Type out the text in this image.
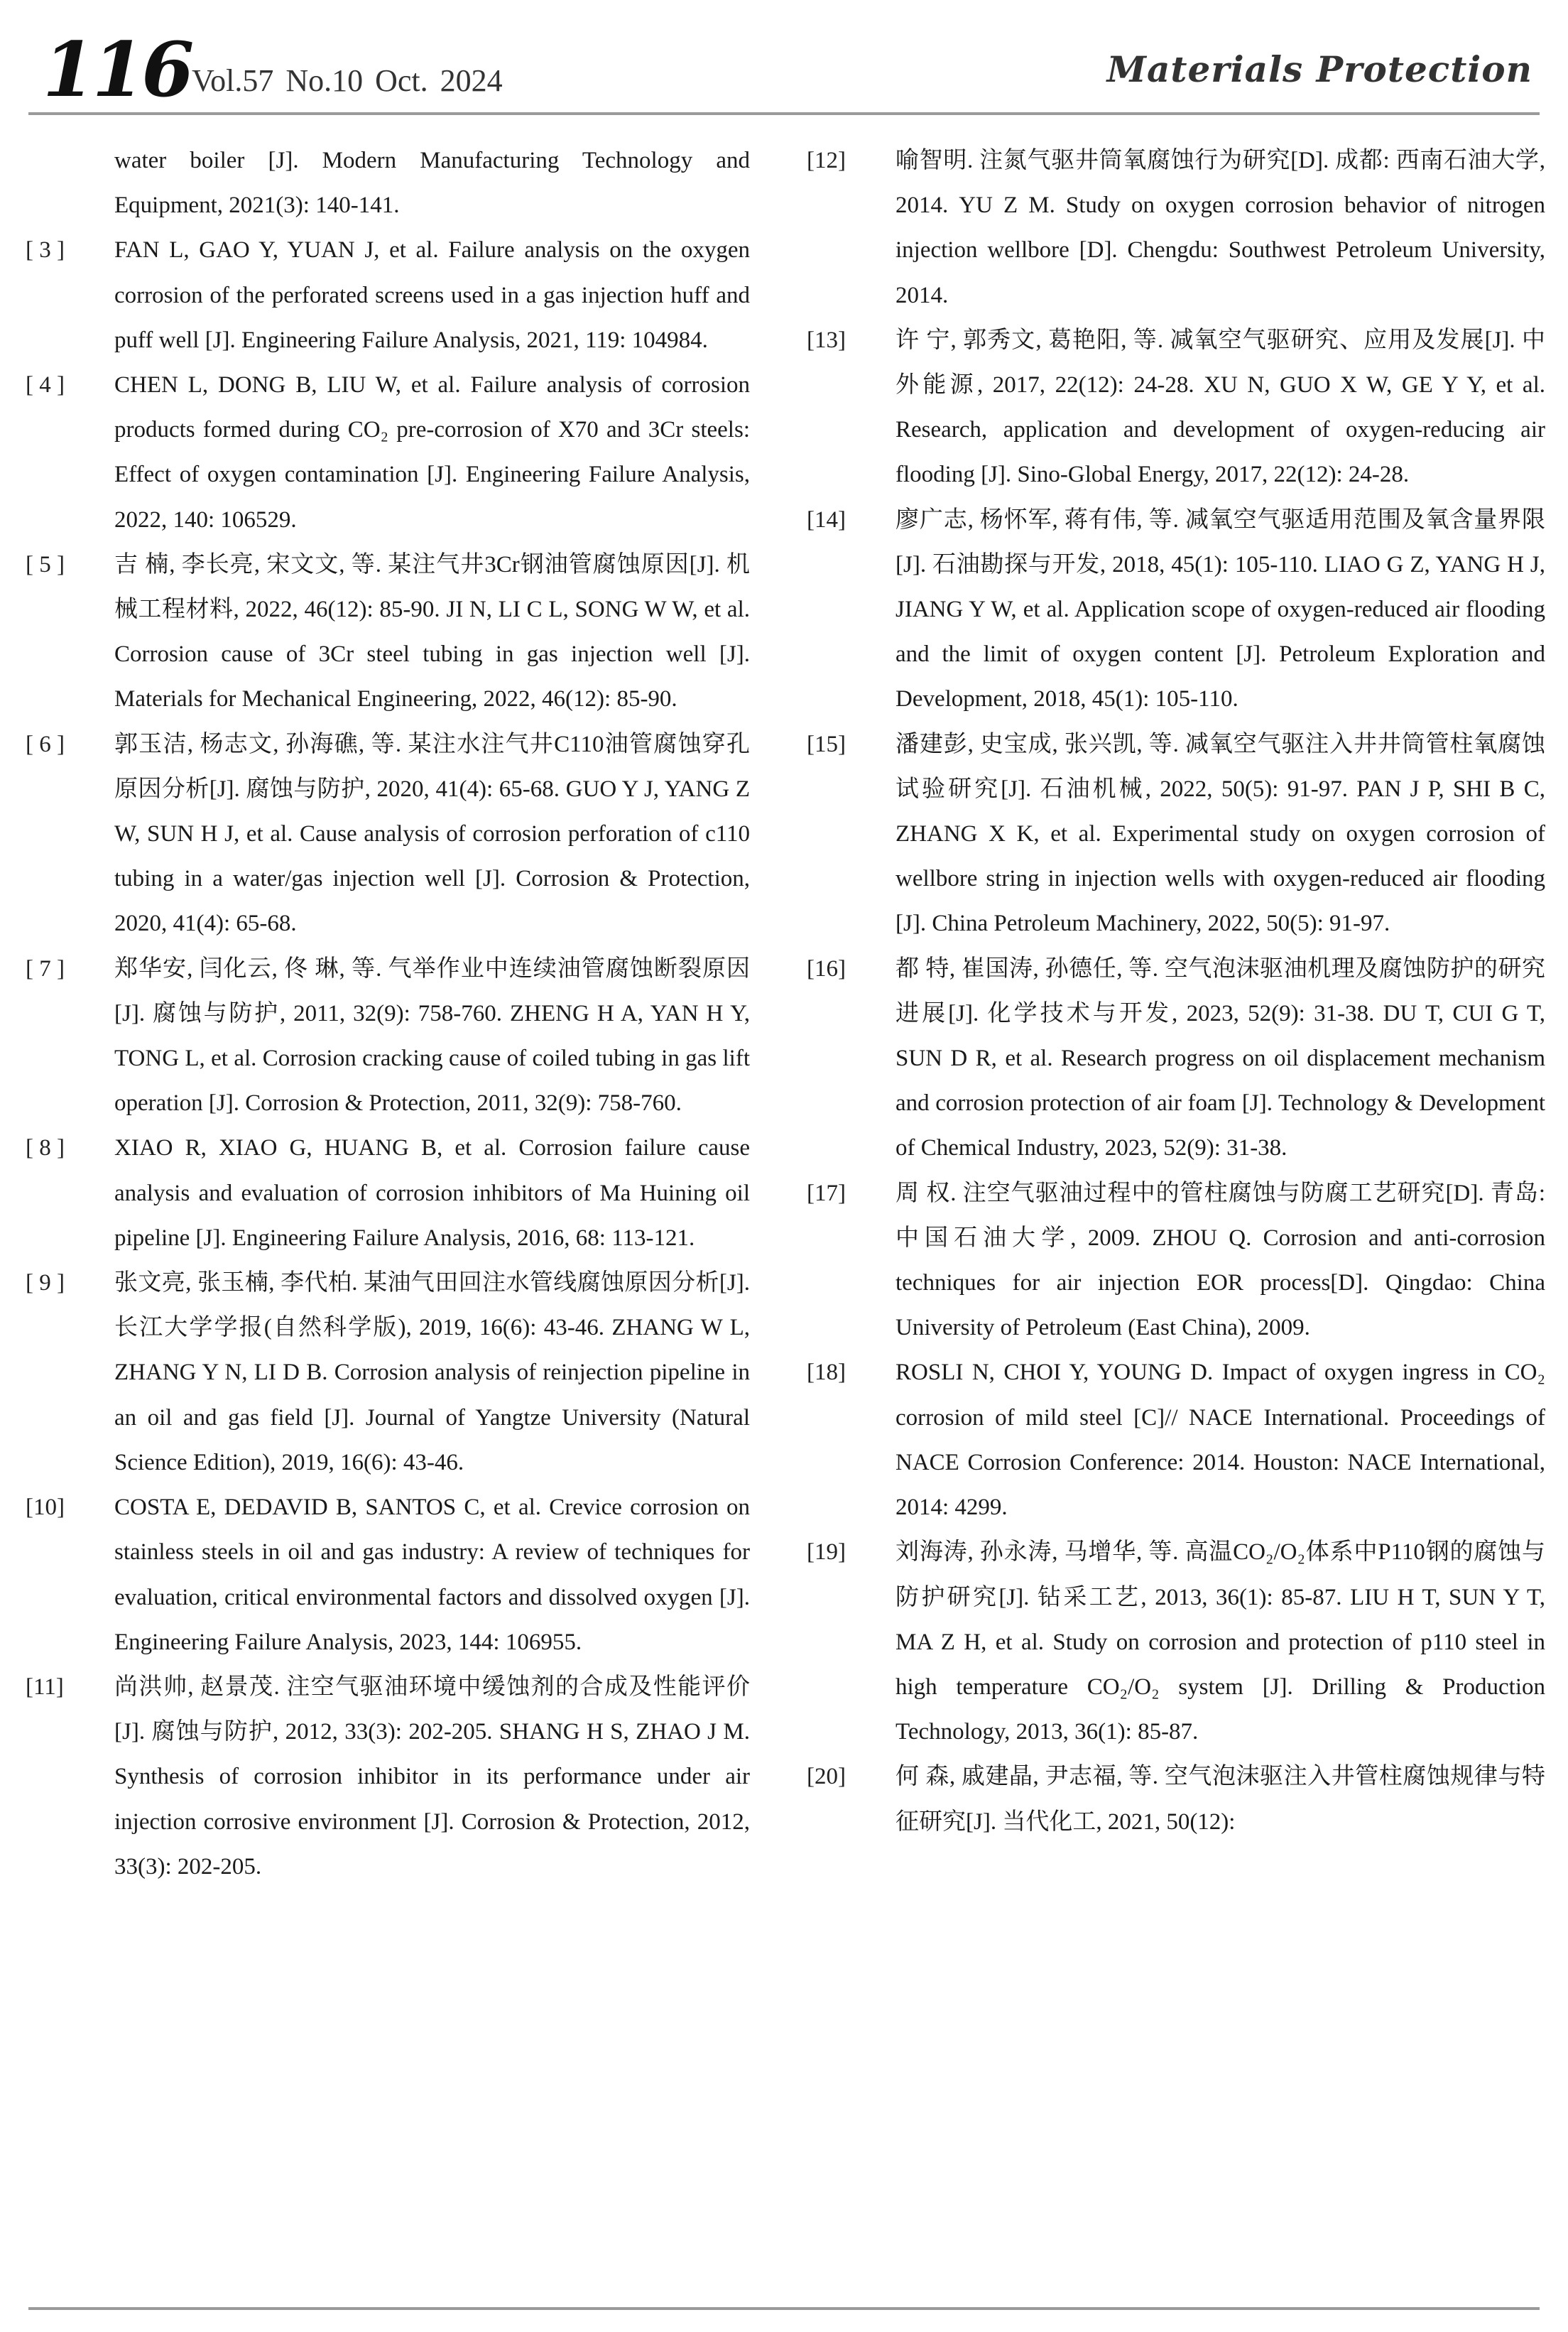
116 Vol.57 No.10 Oct. 2024	Materials Protection
water boiler [J]. Modern Manufacturing Technology and Equipment, 2021(3): 140-141.
[ 3 ]	FAN L, GAO Y, YUAN J, et al. Failure analysis on the oxygen corrosion of the perforated screens used in a gas injection huff and puff well [J]. Engineering Failure Analysis, 2021, 119: 104984.
[ 4 ]	CHEN L, DONG B, LIU W, et al. Failure analysis of corrosion products formed during CO₂ pre-corrosion of X70 and 3Cr steels: Effect of oxygen contamination [J]. Engineering Failure Analysis, 2022, 140: 106529.
[ 5 ]	吉 楠, 李长亮, 宋文文, 等. 某注气井3Cr钢油管腐蚀原因[J]. 机械工程材料, 2022, 46(12): 85-90. JI N, LI C L, SONG W W, et al. Corrosion cause of 3Cr steel tubing in gas injection well [J]. Materials for Mechanical Engineering, 2022, 46(12): 85-90.
[ 6 ]	郭玉洁, 杨志文, 孙海礁, 等. 某注水注气井C110油管腐蚀穿孔原因分析[J]. 腐蚀与防护, 2020, 41(4): 65-68. GUO Y J, YANG Z W, SUN H J, et al. Cause analysis of corrosion perforation of c110 tubing in a water/gas injection well [J]. Corrosion & Protection, 2020, 41(4): 65-68.
[ 7 ]	郑华安, 闫化云, 佟 琳, 等. 气举作业中连续油管腐蚀断裂原因[J]. 腐蚀与防护, 2011, 32(9): 758-760. ZHENG H A, YAN H Y, TONG L, et al. Corrosion cracking cause of coiled tubing in gas lift operation [J]. Corrosion & Protection, 2011, 32(9): 758-760.
[ 8 ]	XIAO R, XIAO G, HUANG B, et al. Corrosion failure cause analysis and evaluation of corrosion inhibitors of Ma Huining oil pipeline [J]. Engineering Failure Analysis, 2016, 68: 113-121.
[ 9 ]	张文亮, 张玉楠, 李代柏. 某油气田回注水管线腐蚀原因分析[J]. 长江大学学报(自然科学版), 2019, 16(6): 43-46. ZHANG W L, ZHANG Y N, LI D B. Corrosion analysis of reinjection pipeline in an oil and gas field [J]. Journal of Yangtze University (Natural Science Edition), 2019, 16(6): 43-46.
[10]	COSTA E, DEDAVID B, SANTOS C, et al. Crevice corrosion on stainless steels in oil and gas industry: A review of techniques for evaluation, critical environmental factors and dissolved oxygen [J]. Engineering Failure Analysis, 2023, 144: 106955.
[11]	尚洪帅, 赵景茂. 注空气驱油环境中缓蚀剂的合成及性能评价[J]. 腐蚀与防护, 2012, 33(3): 202-205. SHANG H S, ZHAO J M. Synthesis of corrosion inhibitor in its performance under air injection corrosive environment [J]. Corrosion & Protection, 2012, 33(3): 202-205.
[12]	喻智明. 注氮气驱井筒氧腐蚀行为研究[D]. 成都: 西南石油大学, 2014. YU Z M. Study on oxygen corrosion behavior of nitrogen injection wellbore [D]. Chengdu: Southwest Petroleum University, 2014.
[13]	许 宁, 郭秀文, 葛艳阳, 等. 减氧空气驱研究、应用及发展[J]. 中外能源, 2017, 22(12): 24-28. XU N, GUO X W, GE Y Y, et al. Research, application and development of oxygen-reducing air flooding [J]. Sino-Global Energy, 2017, 22(12): 24-28.
[14]	廖广志, 杨怀军, 蒋有伟, 等. 减氧空气驱适用范围及氧含量界限[J]. 石油勘探与开发, 2018, 45(1): 105-110. LIAO G Z, YANG H J, JIANG Y W, et al. Application scope of oxygen-reduced air flooding and the limit of oxygen content [J]. Petroleum Exploration and Development, 2018, 45(1): 105-110.
[15]	潘建彭, 史宝成, 张兴凯, 等. 减氧空气驱注入井井筒管柱氧腐蚀试验研究[J]. 石油机械, 2022, 50(5): 91-97. PAN J P, SHI B C, ZHANG X K, et al. Experimental study on oxygen corrosion of wellbore string in injection wells with oxygen-reduced air flooding [J]. China Petroleum Machinery, 2022, 50(5): 91-97.
[16]	都 特, 崔国涛, 孙德任, 等. 空气泡沫驱油机理及腐蚀防护的研究进展[J]. 化学技术与开发, 2023, 52(9): 31-38. DU T, CUI G T, SUN D R, et al. Research progress on oil displacement mechanism and corrosion protection of air foam [J]. Technology & Development of Chemical Industry, 2023, 52(9): 31-38.
[17]	周 权. 注空气驱油过程中的管柱腐蚀与防腐工艺研究[D]. 青岛: 中国石油大学, 2009. ZHOU Q. Corrosion and anti-corrosion techniques for air injection EOR process[D]. Qingdao: China University of Petroleum (East China), 2009.
[18]	ROSLI N, CHOI Y, YOUNG D. Impact of oxygen ingress in CO₂ corrosion of mild steel [C]// NACE International. Proceedings of NACE Corrosion Conference: 2014. Houston: NACE International, 2014: 4299.
[19]	刘海涛, 孙永涛, 马增华, 等. 高温CO₂/O₂体系中P110钢的腐蚀与防护研究[J]. 钻采工艺, 2013, 36(1): 85-87. LIU H T, SUN Y T, MA Z H, et al. Study on corrosion and protection of p110 steel in high temperature CO₂/O₂ system [J]. Drilling & Production Technology, 2013, 36(1): 85-87.
[20]	何 森, 戚建晶, 尹志福, 等. 空气泡沫驱注入井管柱腐蚀规律与特征研究[J]. 当代化工, 2021, 50(12):
